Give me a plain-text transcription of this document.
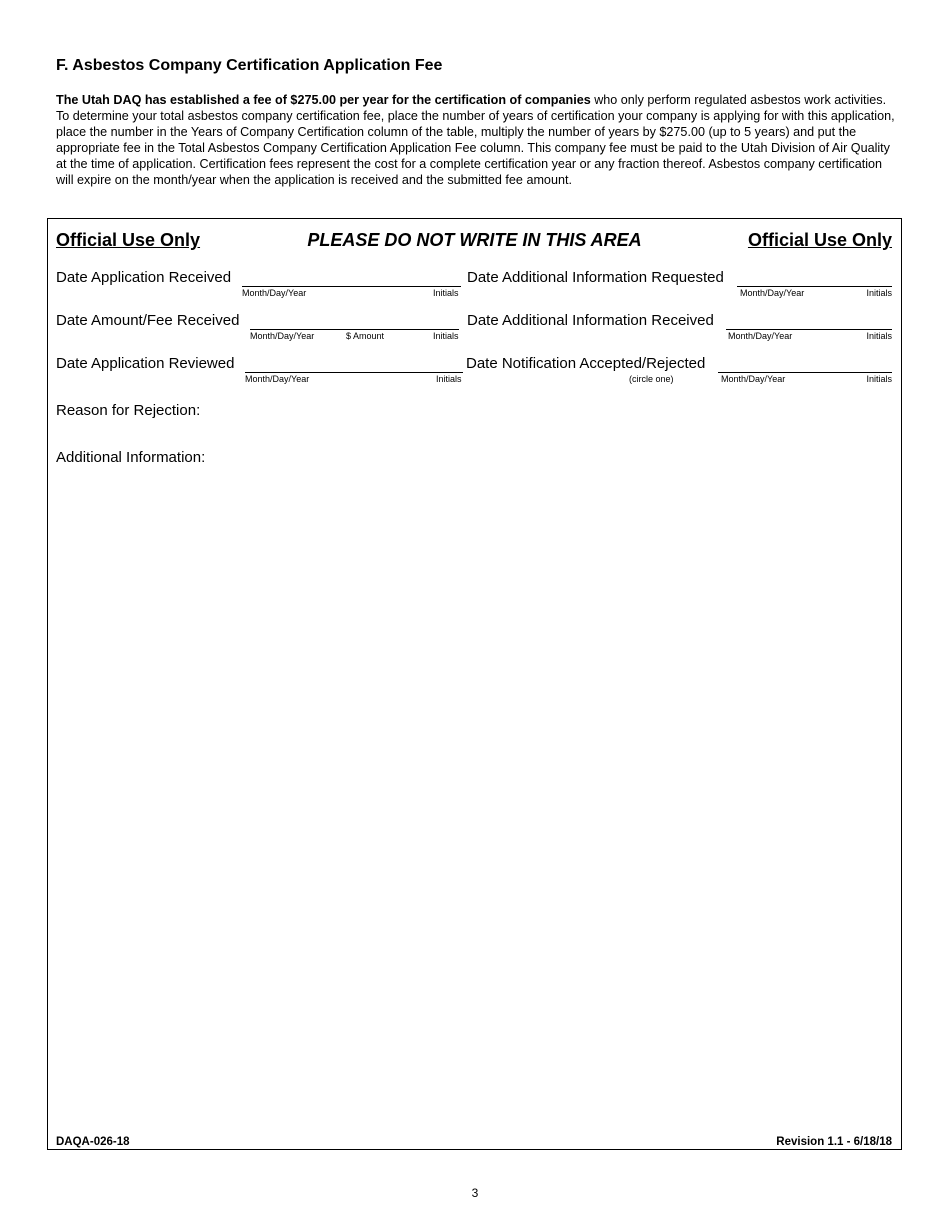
F. Asbestos Company Certification Application Fee

The Utah DAQ has established a fee of $275.00 per year for the certification of companies who only perform regulated asbestos work activities. To determine your total asbestos company certification fee, place the number of years of certification your company is applying for with this application, place the number in the Years of Company Certification column of the table, multiply the number of years by $275.00 (up to 5 years) and put the appropriate fee in the Total Asbestos Company Certification Application Fee column. This company fee must be paid to the Utah Division of Air Quality at the time of application. Certification fees represent the cost for a complete certification year or any fraction thereof. Asbestos company certification will expire on the month/year when the application is received and the submitted fee amount.

Official Use Only	PLEASE DO NOT WRITE IN THIS AREA	Official Use Only
Date Application Received
Month/Day/Year	Initials
Date Additional Information Requested
Month/Day/Year	Initials
Date Amount/Fee Received
Month/Day/Year	$ Amount	Initials
Date Additional Information Received
Month/Day/Year	Initials
Date Application Reviewed
Month/Day/Year	Initials
Date Notification Accepted/Rejected
(circle one)	Month/Day/Year	Initials
Reason for Rejection:
Additional Information:
DAQA-026-18	Revision 1.1 - 6/18/18
3
